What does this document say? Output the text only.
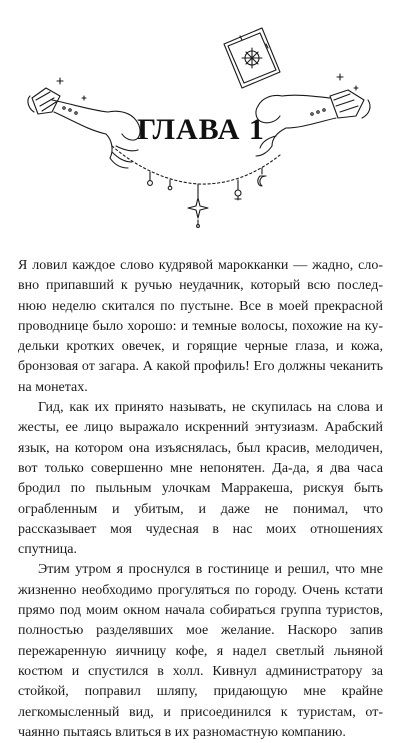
ГЛАВА 1

Я ловил каждое слово кудрявой марокканки — жадно, словно припавший к ручью неудачник, который всю последнюю неделю скитался по пустыне. Все в моей прекрасной проводнице было хорошо: и темные волосы, похожие на кудельки кротких овечек, и горящие черные глаза, и кожа, бронзовая от загара. А какой профиль! Его должны чеканить на монетах.

Гид, как их принято называть, не скупилась на слова и жесты, ее лицо выражало искренний энтузиазм. Арабский язык, на котором она изъяснялась, был красив, мелодичен, вот только совершенно мне непонятен. Да-да, я два часа бродил по пыльным улочкам Марракеша, рискуя быть ограбленным и убитым, и даже не понимал, что рассказывает моя чудесная в нас моих отношениях спутница.

Этим утром я проснулся в гостинице и решил, что мне жизненно необходимо прогуляться по городу. Очень кстати прямо под моим окном начала собираться группа туристов, полностью разделявших мое желание. Наскоро запив пережаренную яичницу кофе, я надел светлый льняной костюм и спустился в холл. Кивнул администратору за стойкой, поправил шляпу, придающую мне крайне легкомысленный вид, и присоединился к туристам, отчаянно пытаясь влиться в их разномастную компанию.
